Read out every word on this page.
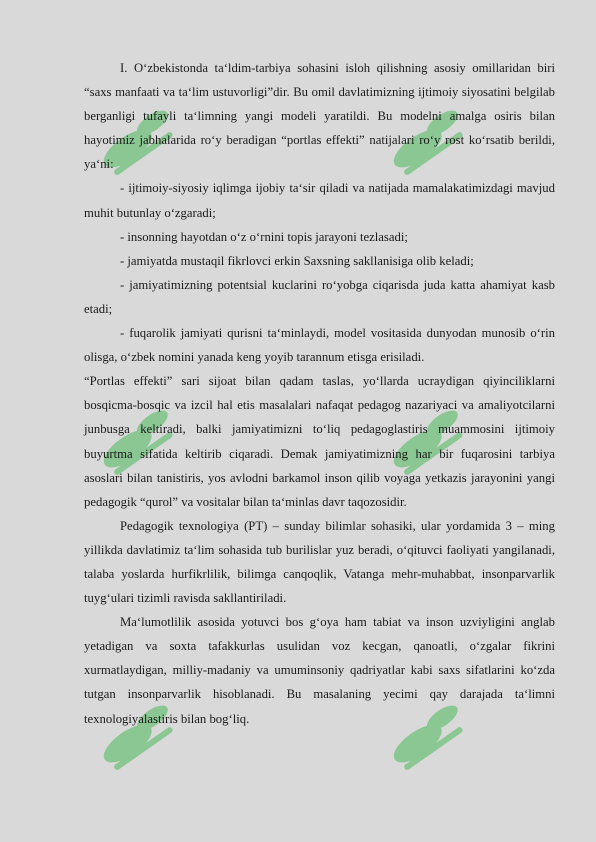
I. O‘zbekistonda ta‘ldim-tarbiya sohasini isloh qilishning asosiy omillaridan biri “saxs manfaati va ta‘lim ustuvorligi”dir. Bu omil davlatimizning ijtimoiy siyosatini belgilab berganligi tufayli ta‘limning yangi modeli yaratildi. Bu modelni amalga osiris bilan hayotimiz jabhalarida ro‘y beradigan “portlas effekti” natijalari ro‘y rost ko‘rsatib berildi, ya‘ni:

- ijtimoiy-siyosiy iqlimga ijobiy ta‘sir qiladi va natijada mamalakatimizdagi mavjud muhit butunlay o‘zgaradi;

- insonning hayotdan o‘z o‘rnini topis jarayoni tezlasadi;

- jamiyatda mustaqil fikrlovci erkin Saxsning sakllanisiga olib keladi;

- jamiyatimizning potentsial kuclarini ro‘yobga ciqarisda juda katta ahamiyat kasb etadi;

- fuqarolik jamiyati qurisni ta‘minlaydi, model vositasida dunyodan munosib o‘rin olisga, o‘zbek nomini yanada keng yoyib tarannum etisga erisiladi.

“Portlas effekti” sari sijoat bilan qadam taslas, yo‘llarda ucraydigan qiyinciliklarni bosqicma-bosqic va izcil hal etis masalalari nafaqat pedagog nazariyaci va amaliyotcilarni junbusga keltiradi, balki jamiyatimizni to‘liq pedagoglastiris muammosini ijtimoiy buyurtma sifatida keltirib ciqaradi. Demak jamiyatimizning har bir fuqarosini tarbiya asoslari bilan tanistiris, yos avlodni barkamol inson qilib voyaga yetkazis jarayonini yangi pedagogik “qurol” va vositalar bilan ta‘minlas davr taqozosidir.

Pedagogik texnologiya (PT) – sunday bilimlar sohasiki, ular yordamida 3 – ming yillikda davlatimiz ta‘lim sohasida tub burilislar yuz beradi, o‘qituvci faoliyati yangilanadi, talaba yoslarda hurfikrlilik, bilimga canqoqlik, Vatanga mehr-muhabbat, insonparvarlik tuyg‘ulari tizimli ravisda sakllantiriladi.

Ma‘lumotlilik asosida yotuvci bos g‘oya ham tabiat va inson uzviyligini anglab yetadigan va soxta tafakkurlas usulidan voz kecgan, qanoatli, o‘zgalar fikrini xurmatlaydigan, milliy-madaniy va umuminsoniy qadriyatlar kabi saxs sifatlarini ko‘zda tutgan insonparvarlik hisoblanadi. Bu masalaning yecimi qay darajada ta‘limni texnologiyalastiris bilan bog‘liq.
